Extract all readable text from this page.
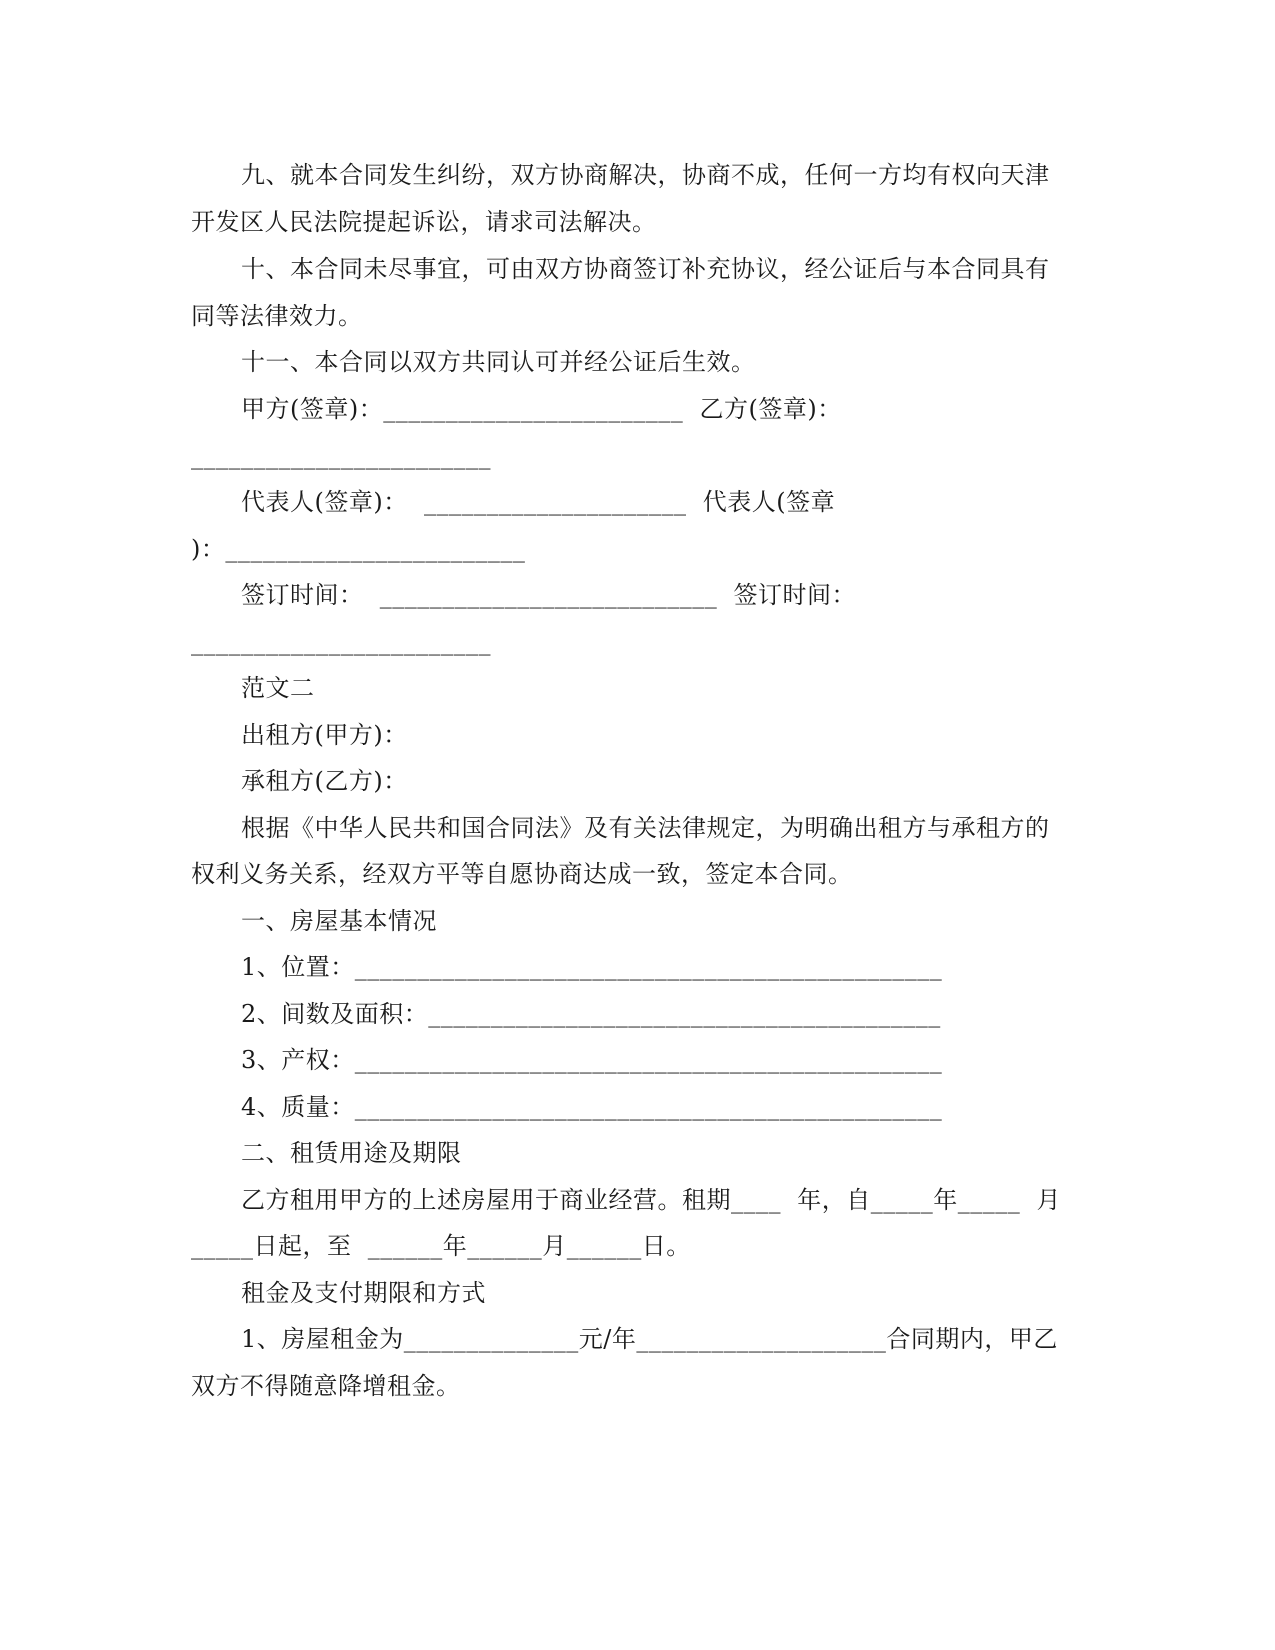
九、就本合同发生纠纷，双方协商解决，协商不成，任何一方均有权向天津
开发区人民法院提起诉讼，请求司法解决。
十、本合同未尽事宜，可由双方协商签订补充协议，经公证后与本合同具有
同等法律效力。
十一、本合同以双方共同认可并经公证后生效。
甲方(签章)：________________________  乙方(签章)：
________________________
代表人(签章)：  _____________________  代表人(签章
)：________________________
签订时间：  ___________________________  签订时间：
________________________
范文二
出租方(甲方)：
承租方(乙方)：
根据《中华人民共和国合同法》及有关法律规定，为明确出租方与承租方的
权利义务关系，经双方平等自愿协商达成一致，签定本合同。
一、房屋基本情况
1、位置：_______________________________________________
2、间数及面积：_________________________________________
3、产权：_______________________________________________
4、质量：_______________________________________________
二、租赁用途及期限
乙方租用甲方的上述房屋用于商业经营。租期____  年，自_____年_____  月
_____日起，至  ______年______月______日。
租金及支付期限和方式
1、房屋租金为______________元/年____________________合同期内，甲乙
双方不得随意降增租金。
